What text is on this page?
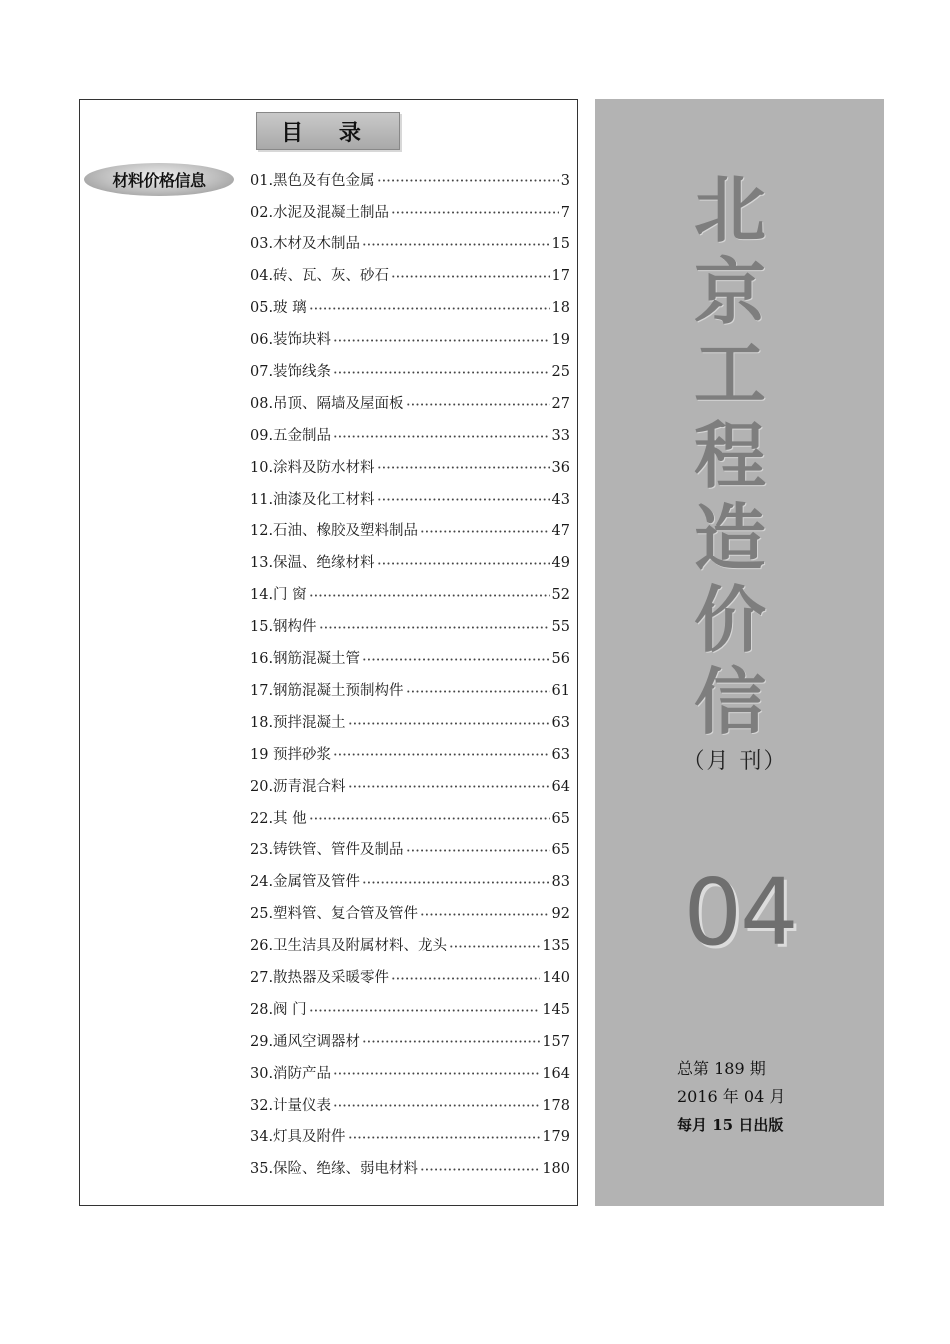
目 录
材料价格信息	01.黑色及有色金属	3
02.水泥及混凝土制品	7
03.木材及木制品	15
04.砖、瓦、灰、砂石	17
05.玻 璃	18
06.装饰块料	19
07.装饰线条	25
08.吊顶、隔墙及屋面板	27
09.五金制品	33
10.涂料及防水材料	36
11.油漆及化工材料	43
12.石油、橡胶及塑料制品	47
13.保温、绝缘材料	49
14.门 窗	52
15.钢构件	55
16.钢筋混凝土管	56
17.钢筋混凝土预制构件	61
18.预拌混凝土	63
19 预拌砂浆	63
20.沥青混合料	64
22.其 他	65
23.铸铁管、管件及制品	65
24.金属管及管件	83
25.塑料管、复合管及管件	92
26.卫生洁具及附属材料、龙头	135
27.散热器及采暖零件	140
28.阀 门	145
29.通风空调器材	157
30.消防产品	164
32.计量仪表	178
34.灯具及附件	179
35.保险、绝缘、弱电材料	180
北
京
工
程
造
价
信
（月 刊）
04
总第 189 期
2016 年 04 月
每月 15 日出版
